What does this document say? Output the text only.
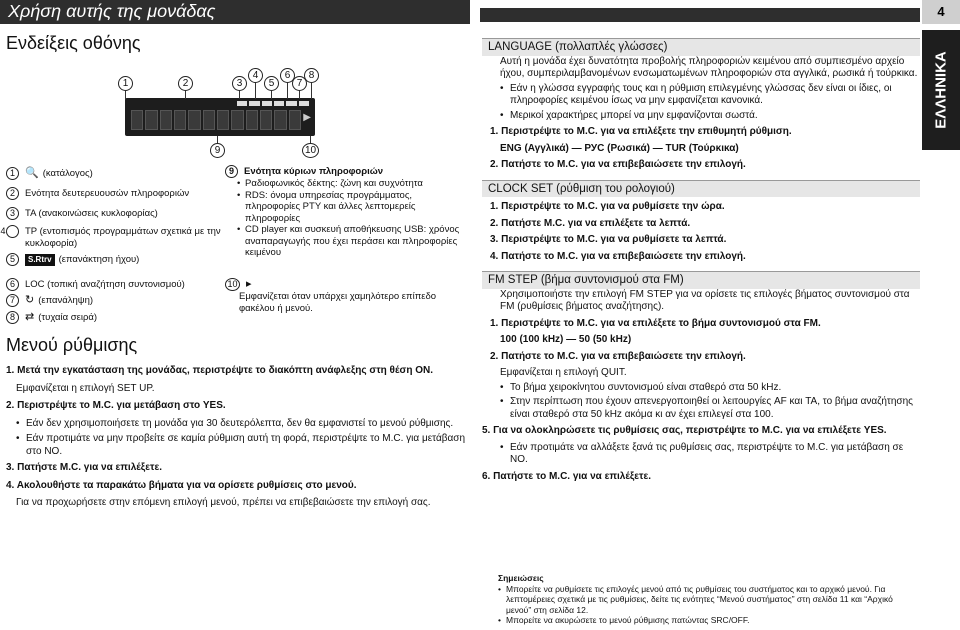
Χρήση αυτής της μονάδας	4
ΕΛΛΗΝΙΚΑ
Ενδείξεις οθόνης
▶
1	2	3
4
5
6
7
8
9	10
1 🔍 (κατάλογος)
2 Ενότητα δευτερευουσών πληροφοριών
3 TA (ανακοινώσεις κυκλοφορίας)
4 TP (εντοπισμός προγραμμάτων σχετικά με την κυκλοφορία)
5 S.Rtrv (επανάκτηση ήχου)
6 LOC (τοπική αναζήτηση συντονισμού)
7 ↻ (επανάληψη)
8 ⇄ (τυχαία σειρά)
9 Ενότητα κύριων πληροφοριών
• Ραδιοφωνικός δέκτης: ζώνη και συχνότητα
• RDS: όνομα υπηρεσίας προγράμματος, πληροφορίες PTY και άλλες λεπτομερείς πληροφορίες
• CD player και συσκευή αποθήκευσης USB: χρόνος αναπαραγωγής που έχει περάσει και πληροφορίες κειμένου
10 ▸
Εμφανίζεται όταν υπάρχει χαμηλότερο επίπεδο φακέλου ή μενού.
Μενού ρύθμισης

1. Μετά την εγκατάσταση της μονάδας, περιστρέψτε το διακόπτη ανάφλεξης στη θέση ON.

Εμφανίζεται η επιλογή SET UP.

2. Περιστρέψτε το M.C. για μετάβαση στο YES.

• Εάν δεν χρησιμοποιήσετε τη μονάδα για 30 δευτερόλεπτα, δεν θα εμφανιστεί το μενού ρύθμισης.
• Εάν προτιμάτε να μην προβείτε σε καμία ρύθμιση αυτή τη φορά, περιστρέψτε το M.C. για μετάβαση στο NO.

3. Πατήστε M.C. για να επιλέξετε.

4. Ακολουθήστε τα παρακάτω βήματα για να ορίσετε ρυθμίσεις στο μενού.

Για να προχωρήσετε στην επόμενη επιλογή μενού, πρέπει να επιβεβαιώσετε την επιλογή σας.

LANGUAGE (πολλαπλές γλώσσες)

Αυτή η μονάδα έχει δυνατότητα προβολής πληροφοριών κειμένου από συμπιεσμένο αρχείο ήχου, συμπεριλαμβανομένων ενσωματωμένων πληροφοριών στα αγγλικά, ρωσικά ή τούρκικα.

• Εάν η γλώσσα εγγραφής τους και η ρύθμιση επιλεγμένης γλώσσας δεν είναι οι ίδιες, οι πληροφορίες κειμένου ίσως να μην εμφανίζεται κανονικά.
• Μερικοί χαρακτήρες μπορεί να μην εμφανίζονται σωστά.

1. Περιστρέψτε το M.C. για να επιλέξετε την επιθυμητή ρύθμιση.

ENG (Αγγλικά) — РУС (Ρωσικά) — TUR (Τούρκικα)

2. Πατήστε το M.C. για να επιβεβαιώσετε την επιλογή.

CLOCK SET (ρύθμιση του ρολογιού)

1. Περιστρέψτε το M.C. για να ρυθμίσετε την ώρα.

2. Πατήστε M.C. για να επιλέξετε τα λεπτά.

3. Περιστρέψτε το M.C. για να ρυθμίσετε τα λεπτά.

4. Πατήστε το M.C. για να επιβεβαιώσετε την επιλογή.

FM STEP (βήμα συντονισμού στα FM)

Χρησιμοποιήστε την επιλογή FM STEP για να ορίσετε τις επιλογές βήματος συντονισμού στα FM (ρυθμίσεις βήματος αναζήτησης).

1. Περιστρέψτε το M.C. για να επιλέξετε το βήμα συντονισμού στα FM.

100 (100 kHz) — 50 (50 kHz)

2. Πατήστε το M.C. για να επιβεβαιώσετε την επιλογή.

Εμφανίζεται η επιλογή QUIT.

• Το βήμα χειροκίνητου συντονισμού είναι σταθερό στα 50 kHz.
• Στην περίπτωση που έχουν απενεργοποιηθεί οι λειτουργίες AF και TA, το βήμα αναζήτησης είναι σταθερό στα 50 kHz ακόμα κι αν έχει επιλεγεί στα 100.

5. Για να ολοκληρώσετε τις ρυθμίσεις σας, περιστρέψτε το M.C. για να επιλέξετε YES.

• Εάν προτιμάτε να αλλάξετε ξανά τις ρυθμίσεις σας, περιστρέψτε το M.C. για μετάβαση σε NO.

6. Πατήστε το M.C. για να επιλέξετε.

Σημειώσεις
• Μπορείτε να ρυθμίσετε τις επιλογές μενού από τις ρυθμίσεις του συστήματος και το αρχικό μενού. Για λεπτομέρειες σχετικά με τις ρυθμίσεις, δείτε τις ενότητες “Μενού συστήματος” στη σελίδα 11 και “Αρχικό μενού” στη σελίδα 12.
• Μπορείτε να ακυρώσετε το μενού ρύθμισης πατώντας SRC/OFF.
